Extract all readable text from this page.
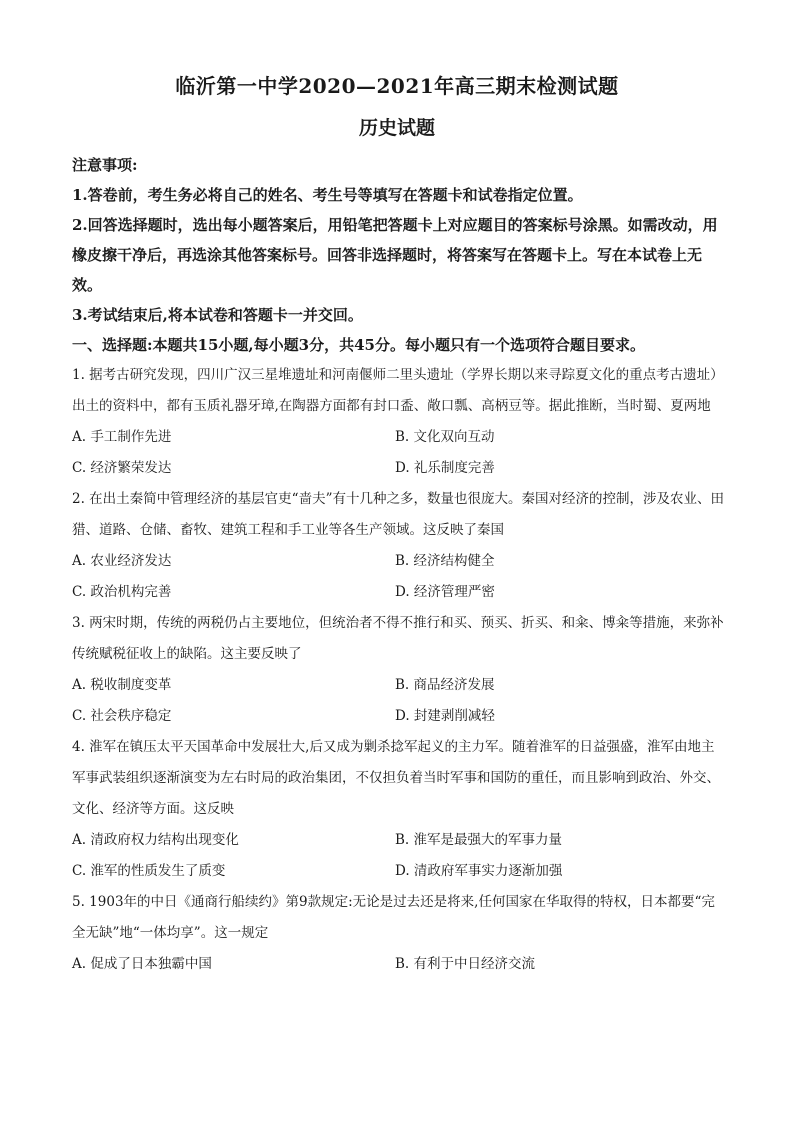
临沂第一中学2020—2021年高三期末检测试题
历史试题

注意事项:

1.答卷前，考生务必将自己的姓名、考生号等填写在答题卡和试卷指定位置。

2.回答选择题时，选出每小题答案后，用铅笔把答题卡上对应题目的答案标号涂黑。如需改动，用橡皮擦干净后，再选涂其他答案标号。回答非选择题时，将答案写在答题卡上。写在本试卷上无效。

3.考试结束后,将本试卷和答题卡一并交回。

一、选择题:本题共15小题,每小题3分，共45分。每小题只有一个选项符合题目要求。

1. 据考古研究发现，四川广汉三星堆遗址和河南偃师二里头遗址（学界长期以来寻踪夏文化的重点考古遗址）出土的资料中，都有玉质礼器牙璋,在陶器方面都有封口盉、敞口瓢、高柄豆等。据此推断，当时蜀、夏两地

A. 手工制作先进	B. 文化双向互动
C. 经济繁荣发达	D. 礼乐制度完善

2. 在出土秦简中管理经济的基层官吏“啬夫”有十几种之多，数量也很庞大。秦国对经济的控制，涉及农业、田猎、道路、仓储、畜牧、建筑工程和手工业等各生产领域。这反映了秦国

A. 农业经济发达	B. 经济结构健全
C. 政治机构完善	D. 经济管理严密

3. 两宋时期，传统的两税仍占主要地位，但统治者不得不推行和买、预买、折买、和籴、博籴等措施，来弥补传统赋税征收上的缺陷。这主要反映了

A. 税收制度变革	B. 商品经济发展
C. 社会秩序稳定	D. 封建剥削减轻

4. 淮军在镇压太平天国革命中发展壮大,后又成为剿杀捻军起义的主力军。随着淮军的日益强盛，淮军由地主军事武装组织逐渐演变为左右时局的政治集团，不仅担负着当时军事和国防的重任，而且影响到政治、外交、文化、经济等方面。这反映

A. 清政府权力结构出现变化	B. 淮军是最强大的军事力量
C. 淮军的性质发生了质变	D. 清政府军事实力逐渐加强

5. 1903年的中日《通商行船续约》第9款规定:无论是过去还是将来,任何国家在华取得的特权，日本都要“完全无缺”地“一体均享”。这一规定

A. 促成了日本独霸中国	B. 有利于中日经济交流
